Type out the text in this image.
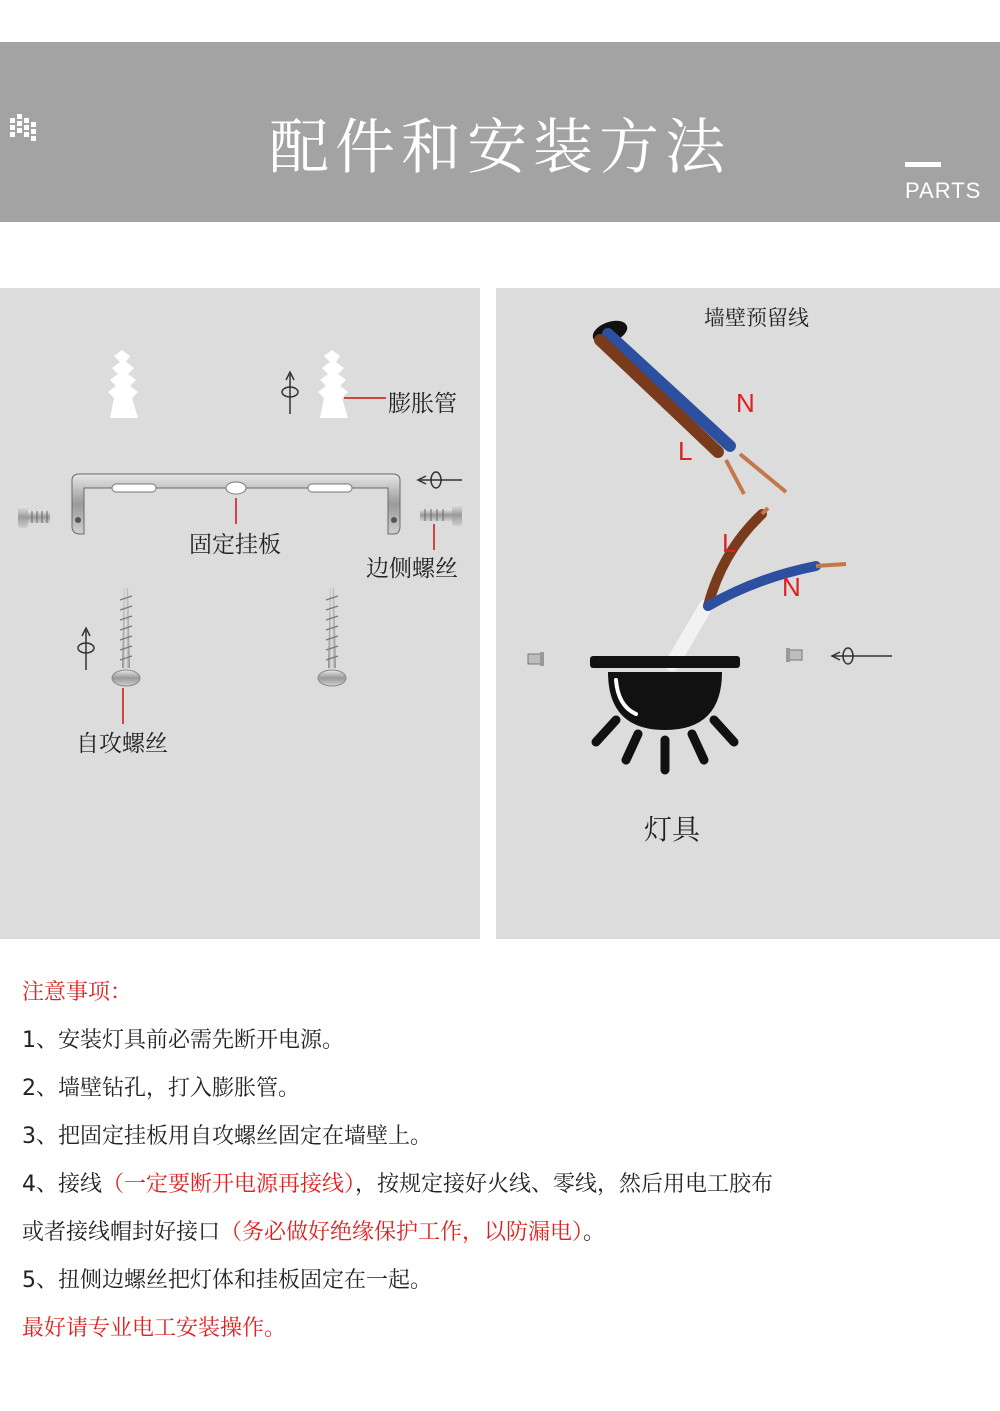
配件和安装方法
PARTS
膨胀管
固定挂板
边侧螺丝
自攻螺丝
墙壁预留线
N
L
L
N
灯具
注意事项：
1、安装灯具前必需先断开电源。
2、墙壁钻孔，打入膨胀管。
3、把固定挂板用自攻螺丝固定在墙壁上。
4、接线（一定要断开电源再接线），按规定接好火线、零线，然后用电工胶布
或者接线帽封好接口（务必做好绝缘保护工作，以防漏电）。
5、扭侧边螺丝把灯体和挂板固定在一起。
最好请专业电工安装操作。
